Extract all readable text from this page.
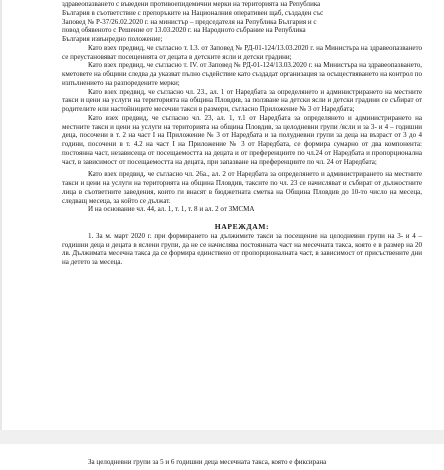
здравеопазването с въведени противоепидемични мерки на територията на Република

България в съответствие с препоръките на Националния оперативен щаб, създаден със

Заповед № Р-37/26.02.2020 г. на министър – председателя на Република България и с

повод обявеното с Решение от 13.03.2020 г. на Народното събрание на Република

България извънредно положение;

Като взех предвид, че съгласно т. I.3. от Заповед № РД-01-124/13.03.2020 г. на Министъра на здравеопазването се преустановяват посещенията от децата в детските ясли и детски градини;

Като взех предвид, че съгласно т. IV. от Заповед № РД-01-124/13.03.2020 г. на Министъра на здравеопазването, кметовете на общини следва да указват пълно съдействие като създадат организация за осъществяването на контрол по изпълнението на разпоредените мерки;

Като взех предвид, че съгласно чл. 23., ал. 1 от Наредбата за определянето и администрирането на местните такси и цени на услуги на територията на община Пловдив, за ползване на детски ясли и детски градини се събират от родителите или настойниците месечни такси в размери, съгласно Приложение № 3 от Наредбата;

Като взех предвид, че съгласно чл. 23, ал. 1, т.1 от Наредбата за определянето и администрирането на местните такси и цени на услуги на територията на община Пловдив, за целодневни групи /ясли и за 3- и 4 – годишни деца, посочени в т. 2 на част I на Приложение № 3 от Наредбата и за полудневни групи за деца на възраст от 3 до 4 години, посочени в т. 4.2 на част I на Приложение № 3 от Наредбата, се формира сумарно от два компонента: постоянна част, независеща от посещаемостта на децата и от преференциите по чл.24 от Наредбата и пропорционална част, в зависимост от посещаемостта на децата, при запазване на преференциите по чл. 24 от Наредбата;

Като взех предвид, че съгласно чл. 26а., ал. 2 от Наредбата за определянето и администрирането на местните такси и цени на услуги на територията на община Пловдив, таксите по чл. 23 се начисляват и събират от дължостните лица в съответните заведения, които ги внасят в бюджетната сметка на Община Пловдив до 10-то число на месеца, следващ месеца, за който се дължат.

И на основание чл. 44, ал. 1, т. 1, т. 8 и ал. 2 от ЗМСМА

НАРЕЖДАМ:

1. За м. март 2020 г. при формирането на дължимите такси за посещение на целодневни групи на 3- и 4 – годишни деца и децата в яслени групи, да не се начислява постоянната част на месечната такса, която е в размер на 20 лв. Дължимата месечна такса да се формира единствено от пропорционалната част, в зависимост от присъствените дни на детето за месеца.

За целодневни групи за 5 и 6 годишни деца месечната такса, която е фиксирана
